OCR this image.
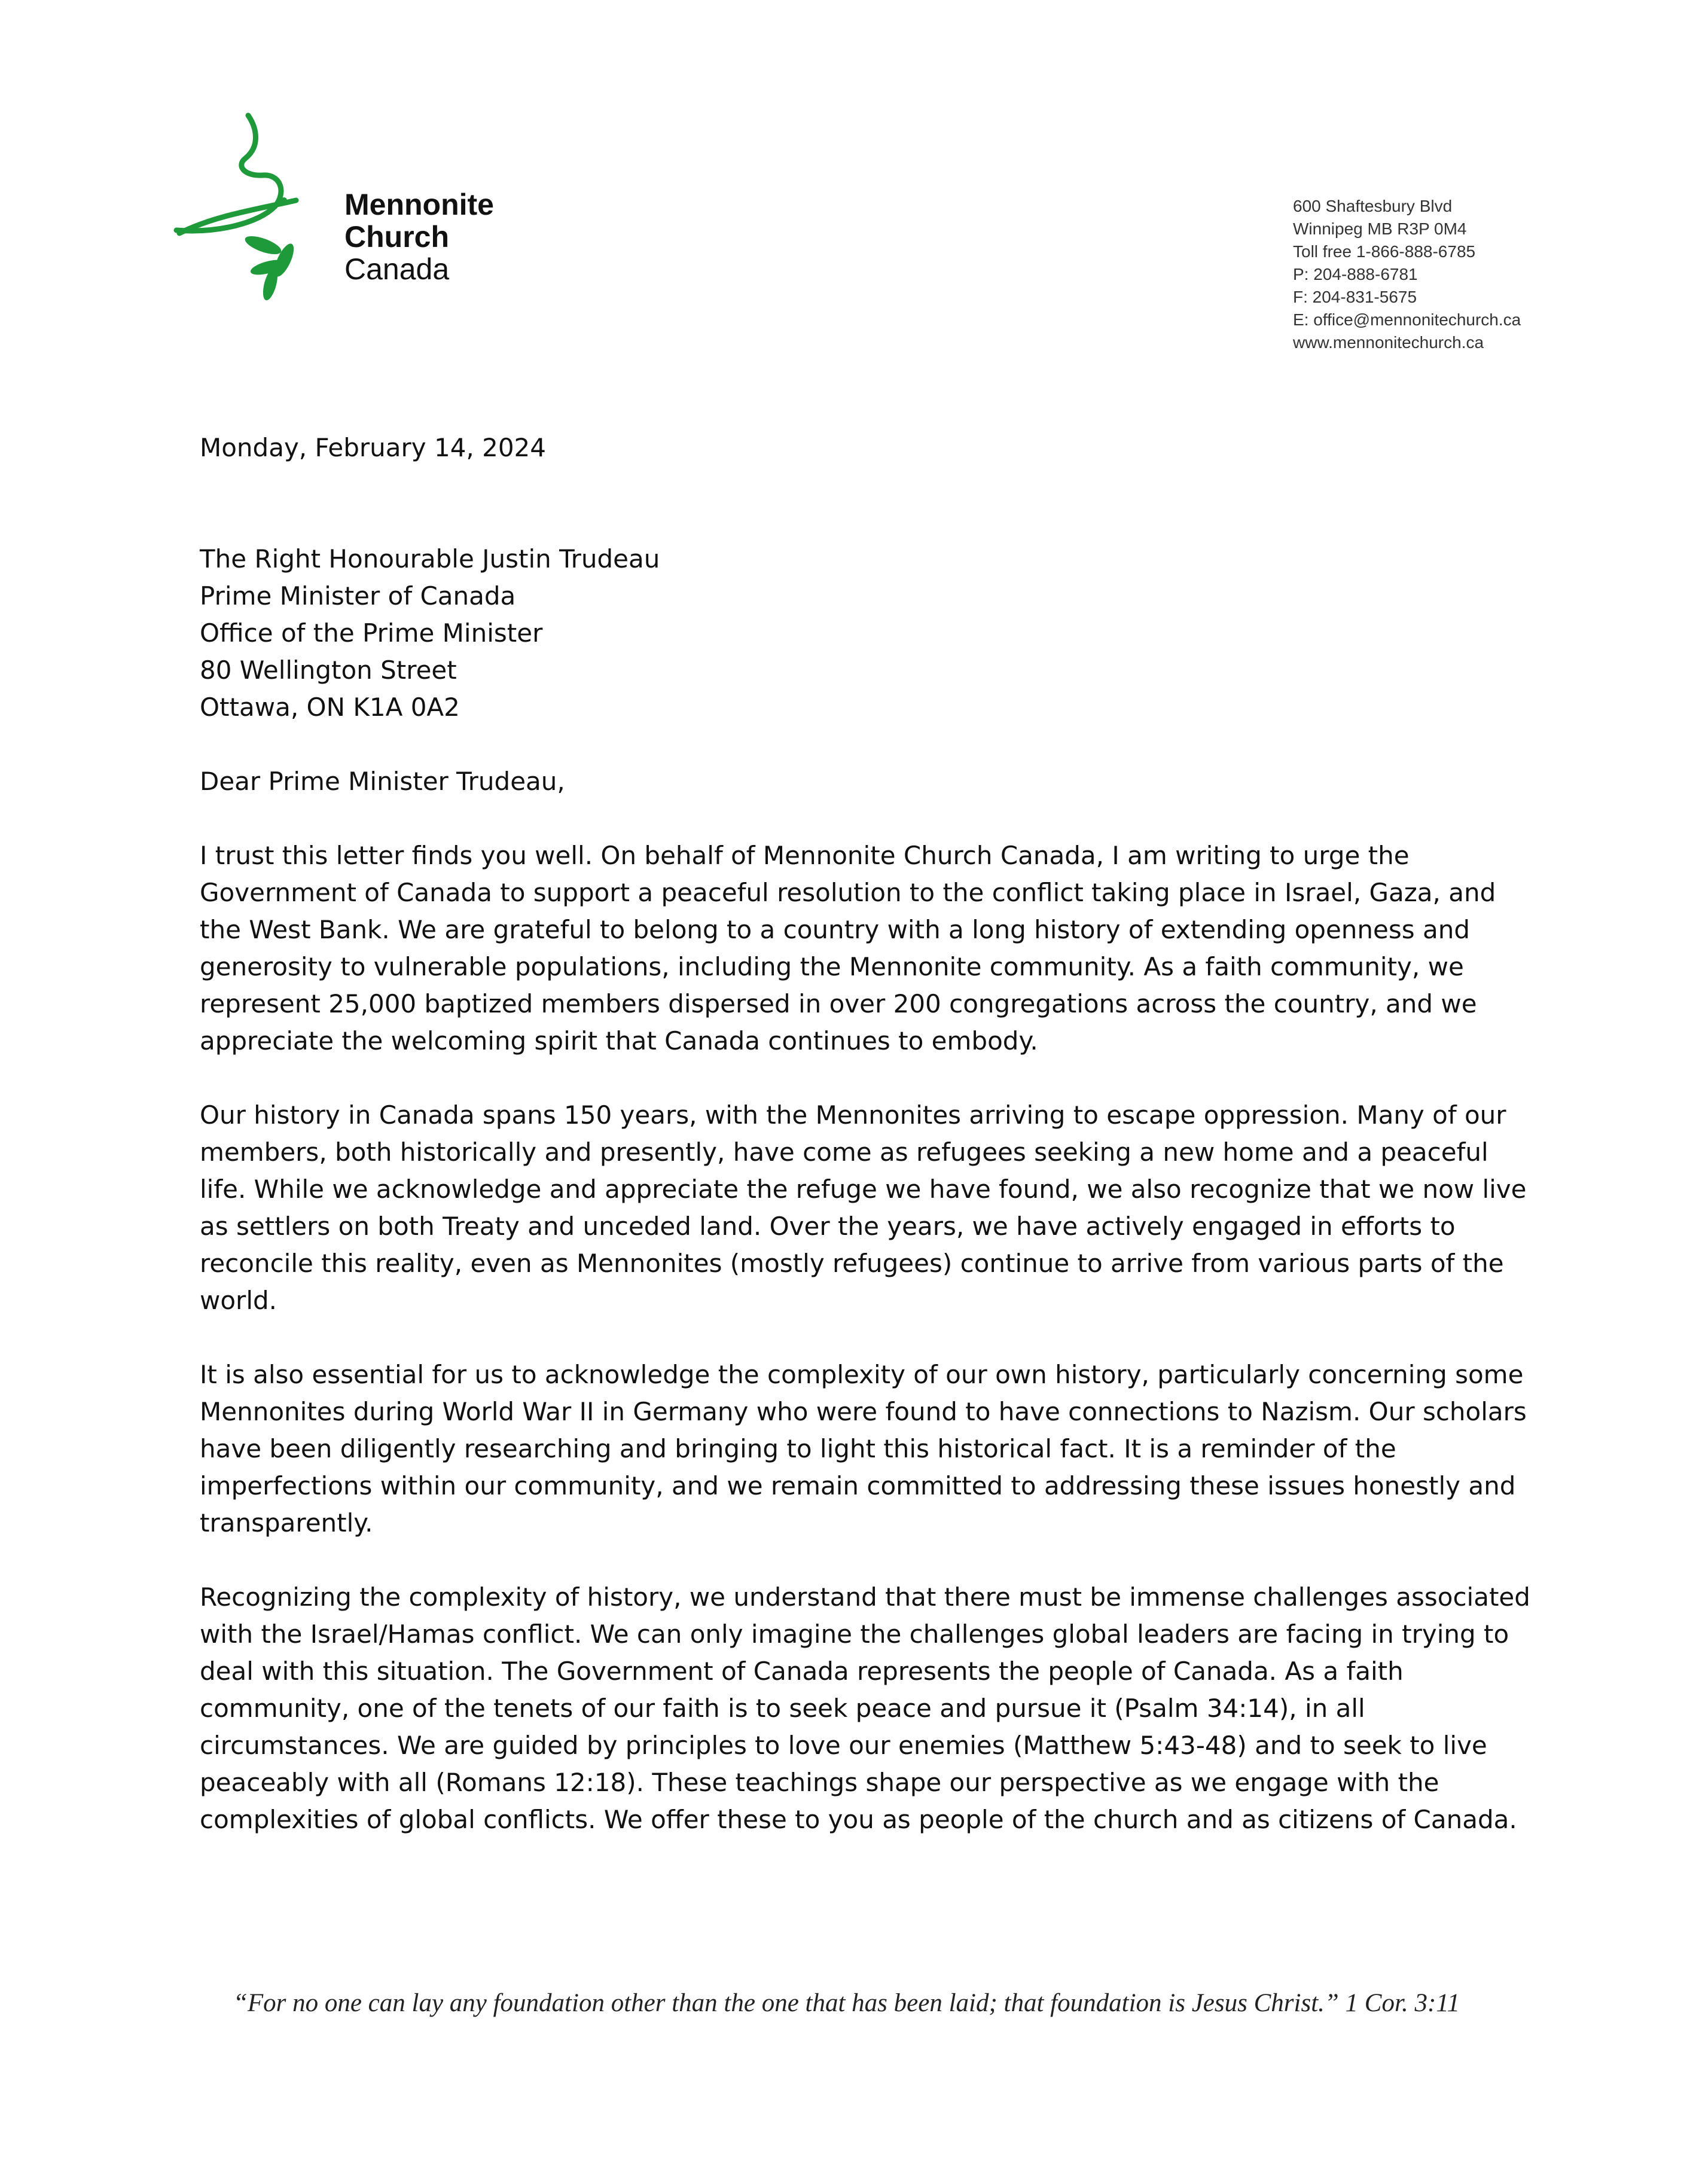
Mennonite
Church
Canada
600 Shaftesbury Blvd
Winnipeg MB R3P 0M4
Toll free 1-866-888-6785
P: 204-888-6781
F: 204-831-5675
E: office@mennonitechurch.ca
www.mennonitechurch.ca
Monday, February 14, 2024
The Right Honourable Justin Trudeau
Prime Minister of Canada
Office of the Prime Minister
80 Wellington Street
Ottawa, ON K1A 0A2
Dear Prime Minister Trudeau,

I trust this letter finds you well. On behalf of Mennonite Church Canada, I am writing to urge the Government of Canada to support a peaceful resolution to the conflict taking place in Israel, Gaza, and the West Bank. We are grateful to belong to a country with a long history of extending openness and generosity to vulnerable populations, including the Mennonite community. As a faith community, we represent 25,000 baptized members dispersed in over 200 congregations across the country, and we appreciate the welcoming spirit that Canada continues to embody.

Our history in Canada spans 150 years, with the Mennonites arriving to escape oppression. Many of our members, both historically and presently, have come as refugees seeking a new home and a peaceful life. While we acknowledge and appreciate the refuge we have found, we also recognize that we now live as settlers on both Treaty and unceded land. Over the years, we have actively engaged in efforts to reconcile this reality, even as Mennonites (mostly refugees) continue to arrive from various parts of the world.

It is also essential for us to acknowledge the complexity of our own history, particularly concerning some Mennonites during World War II in Germany who were found to have connections to Nazism. Our scholars have been diligently researching and bringing to light this historical fact. It is a reminder of the imperfections within our community, and we remain committed to addressing these issues honestly and transparently.

Recognizing the complexity of history, we understand that there must be immense challenges associated with the Israel/Hamas conflict. We can only imagine the challenges global leaders are facing in trying to deal with this situation. The Government of Canada represents the people of Canada. As a faith community, one of the tenets of our faith is to seek peace and pursue it (Psalm 34:14), in all circumstances. We are guided by principles to love our enemies (Matthew 5:43-48) and to seek to live peaceably with all (Romans 12:18). These teachings shape our perspective as we engage with the complexities of global conflicts. We offer these to you as people of the church and as citizens of Canada.

“For no one can lay any foundation other than the one that has been laid; that foundation is Jesus Christ.” 1 Cor. 3:11
